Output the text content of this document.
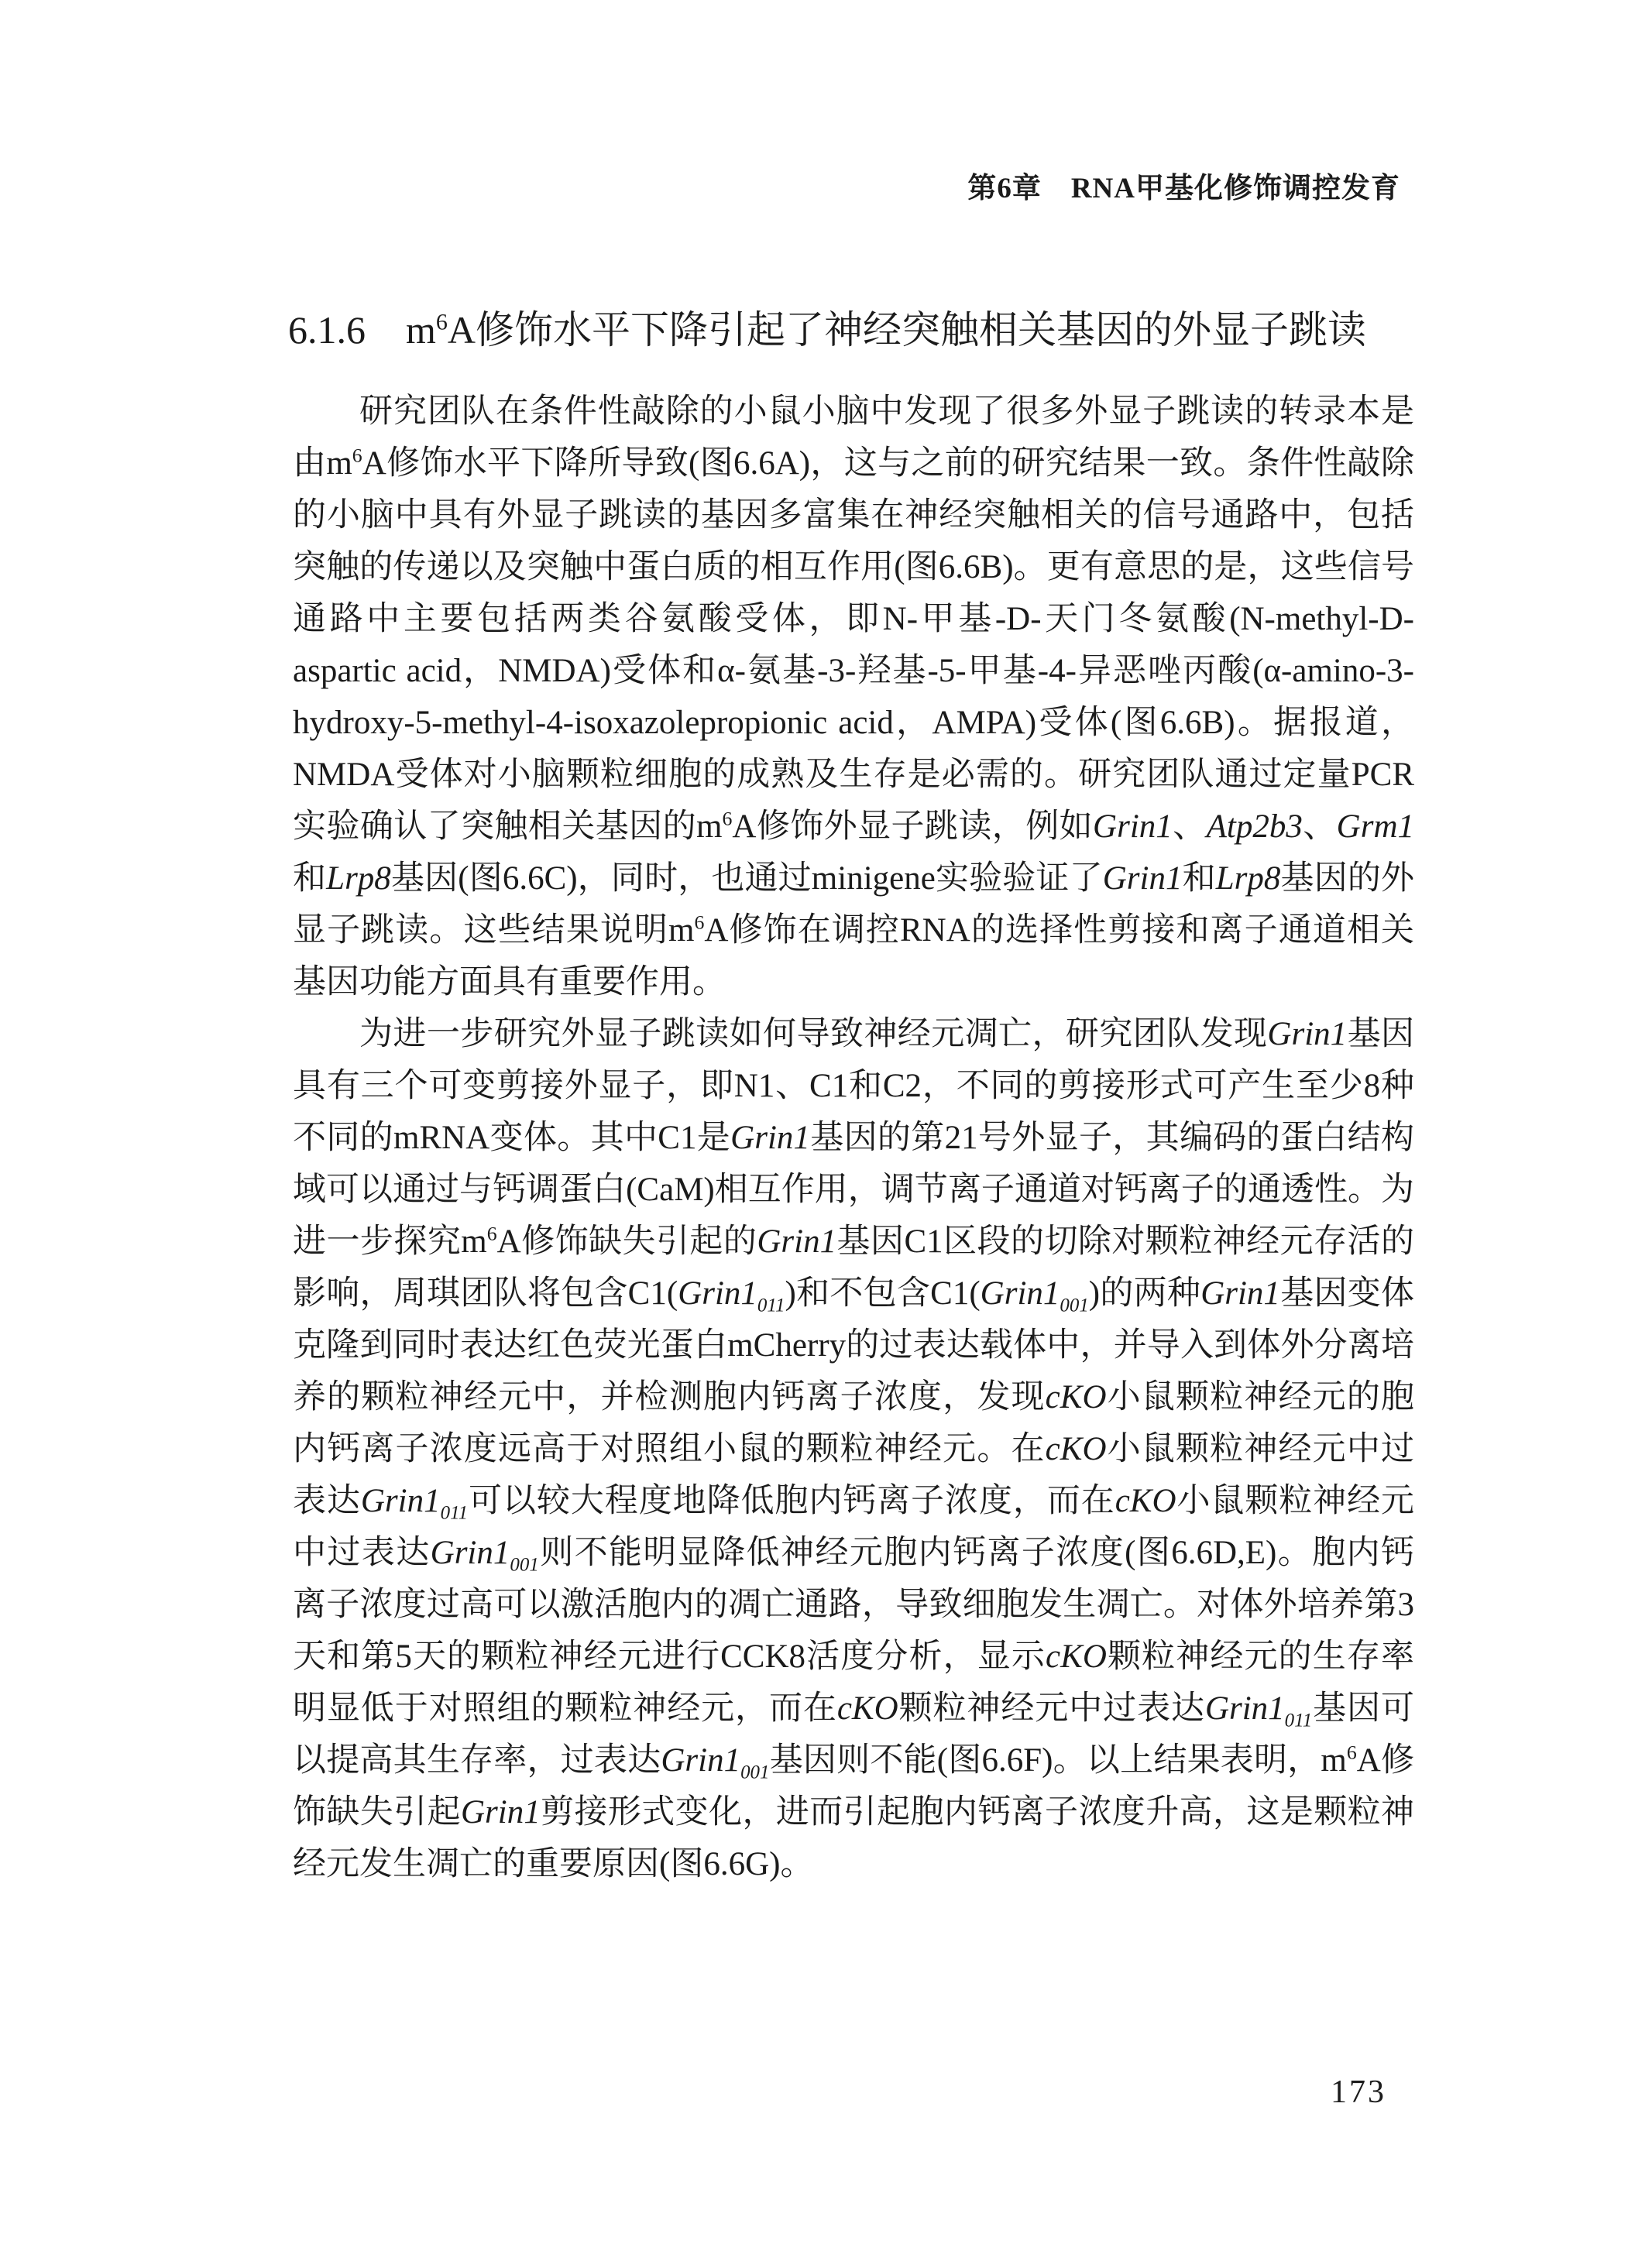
第6章　RNA甲基化修饰调控发育
6.1.6 $m^6A$修饰水平下降引起了神经突触相关基因的外显子跳读

研究团队在条件性敲除的小鼠小脑中发现了很多外显子跳读的转录本是由$m^6A$修饰水平下降所导致(图6.6A)，这与之前的研究结果一致。条件性敲除的小脑中具有外显子跳读的基因多富集在神经突触相关的信号通路中，包括突触的传递以及突触中蛋白质的相互作用(图6.6B)。更有意思的是，这些信号通路中主要包括两类谷氨酸受体，即N-甲基-D-天门冬氨酸(N-methyl-D-aspartic acid，NMDA)受体和α-氨基-3-羟基-5-甲基-4-异恶唑丙酸(α-amino-3-hydroxy-5-methyl-4-isoxazolepropionic acid，AMPA)受体(图6.6B)。据报道，NMDA受体对小脑颗粒细胞的成熟及生存是必需的。研究团队通过定量PCR实验确认了突触相关基因的$m^6A$修饰外显子跳读，例如Grin1、Atp2b3、Grm1和Lrp8基因(图6.6C)，同时，也通过minigene实验验证了Grin1和Lrp8基因的外显子跳读。这些结果说明$m^6A$修饰在调控RNA的选择性剪接和离子通道相关基因功能方面具有重要作用。

为进一步研究外显子跳读如何导致神经元凋亡，研究团队发现Grin1基因具有三个可变剪接外显子，即N1、C1和C2，不同的剪接形式可产生至少8种不同的mRNA变体。其中C1是Grin1基因的第21号外显子，其编码的蛋白结构域可以通过与钙调蛋白(CaM)相互作用，调节离子通道对钙离子的通透性。为进一步探究$m^6A$修饰缺失引起的Grin1基因C1区段的切除对颗粒神经元存活的影响，周琪团队将包含$C1(Grin1_{011})$和不包含$C1(Grin1_{001})$的两种Grin1基因变体克隆到同时表达红色荧光蛋白mCherry的过表达载体中，并导入到体外分离培养的颗粒神经元中，并检测胞内钙离子浓度，发现cKO小鼠颗粒神经元的胞内钙离子浓度远高于对照组小鼠的颗粒神经元。在cKO小鼠颗粒神经元中过表达$Grin1_{011}$可以较大程度地降低胞内钙离子浓度，而在cKO小鼠颗粒神经元中过表达$Grin1_{001}$则不能明显降低神经元胞内钙离子浓度(图6.6D,E)。胞内钙离子浓度过高可以激活胞内的凋亡通路，导致细胞发生凋亡。对体外培养第3天和第5天的颗粒神经元进行CCK8活度分析，显示cKO颗粒神经元的生存率明显低于对照组的颗粒神经元，而在cKO颗粒神经元中过表达$Grin1_{011}$基因可以提高其生存率，过表达$Grin1_{001}$基因则不能(图6.6F)。以上结果表明，$m^6A$修饰缺失引起Grin1剪接形式变化，进而引起胞内钙离子浓度升高，这是颗粒神经元发生凋亡的重要原因(图6.6G)。

173
